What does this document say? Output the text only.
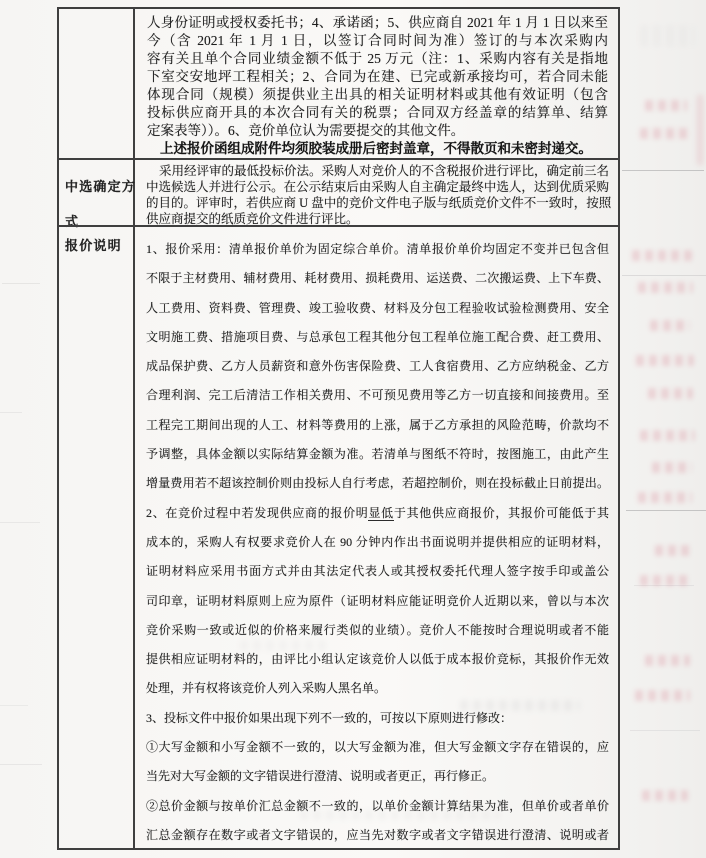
人身份证明或授权委托书；4、承诺函；5、供应商自 2021 年 1 月 1 日以来至
今（含 2021 年 1 月 1 日，以签订合同时间为准）签订的与本次采购内
容有关且单个合同业绩金额不低于 25 万元（注：1、采购内容有关是指地
下室交安地坪工程相关；2、合同为在建、已完或新承接均可，若合同未能
体现合同（规模）须提供业主出具的相关证明材料或其他有效证明（包含
投标供应商开具的本次合同有关的税票；合同双方经盖章的结算单、结算
定案表等））。6、竞价单位认为需要提交的其他文件。
上述报价函组成附件均须胶装成册后密封盖章，不得散页和未密封递交。
中选确定方式
采用经评审的最低投标价法。采购人对竞价人的不含税报价进行评比，确定前三名
中选候选人并进行公示。在公示结束后由采购人自主确定最终中选人，达到优质采购
的目的。评审时，若供应商 U 盘中的竞价文件电子版与纸质竞价文件不一致时，按照
供应商提交的纸质竞价文件进行评比。
报价说明	1、报价采用：清单报价单价为固定综合单价。清单报价单价均固定不变并已包含但
不限于主材费用、辅材费用、耗材费用、损耗费用、运送费、二次搬运费、上下车费、
人工费用、资料费、管理费、竣工验收费、材料及分包工程验收试验检测费用、安全
文明施工费、措施项目费、与总承包工程其他分包工程单位施工配合费、赶工费用、
成品保护费、乙方人员薪资和意外伤害保险费、工人食宿费用、乙方应纳税金、乙方
合理利润、完工后清洁工作相关费用、不可预见费用等乙方一切直接和间接费用。至
工程完工期间出现的人工、材料等费用的上涨，属于乙方承担的风险范畴，价款均不
予调整，具体金额以实际结算金额为准。若清单与图纸不符时，按图施工，由此产生
增量费用若不超该控制价则由投标人自行考虑，若超控制价，则在投标截止日前提出。
2、在竞价过程中若发现供应商的报价明显低于其他供应商报价，其报价可能低于其
成本的，采购人有权要求竞价人在 90 分钟内作出书面说明并提供相应的证明材料，
证明材料应采用书面方式并由其法定代表人或其授权委托代理人签字按手印或盖公
司印章，证明材料原则上应为原件（证明材料应能证明竞价人近期以来，曾以与本次
竞价采购一致或近似的价格来履行类似的业绩）。竞价人不能按时合理说明或者不能
提供相应证明材料的，由评比小组认定该竞价人以低于成本报价竞标，其报价作无效
处理，并有权将该竞价人列入采购人黑名单。
3、投标文件中报价如果出现下列不一致的，可按以下原则进行修改：
①大写金额和小写金额不一致的，以大写金额为准，但大写金额文字存在错误的，应
当先对大写金额的文字错误进行澄清、说明或者更正，再行修正。
②总价金额与按单价汇总金额不一致的，以单价金额计算结果为准，但单价或者单价
汇总金额存在数字或者文字错误的，应当先对数字或者文字错误进行澄清、说明或者
